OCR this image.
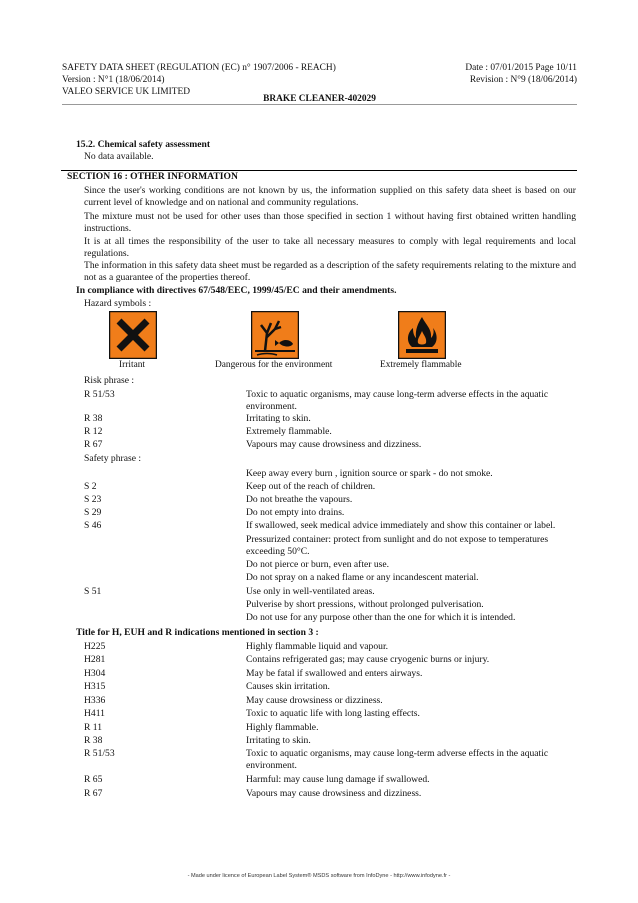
SAFETY DATA SHEET (REGULATION (EC) n° 1907/2006 - REACH)
Version : N°1 (18/06/2014)
VALEO SERVICE UK LIMITED
Date : 07/01/2015 Page 10/11
Revision : N°9 (18/06/2014)
BRAKE CLEANER-402029
15.2. Chemical safety assessment
No data available.
SECTION 16 : OTHER INFORMATION
Since the user's working conditions are not known by us, the information supplied on this safety data sheet is based on our current level of knowledge and on national and community regulations.
The mixture must not be used for other uses than those specified in section 1 without having first obtained written handling instructions.
It is at all times the responsibility of the user to take all necessary measures to comply with legal requirements and local regulations.
The information in this safety data sheet must be regarded as a description of the safety requirements relating to the mixture and not as a guarantee of the properties thereof.
In compliance with directives 67/548/EEC, 1999/45/EC and their amendments.
Hazard symbols :
Irritant	Dangerous for the environment	Extremely flammable
Risk phrase :
R 51/53	Toxic to aquatic organisms, may cause long-term adverse effects in the aquatic environment.
R 38	Irritating to skin.
R 12	Extremely flammable.
R 67	Vapours may cause drowsiness and dizziness.
Safety phrase :
Keep away every burn , ignition source or spark - do not smoke.
S 2	Keep out of the reach of children.
S 23	Do not breathe the vapours.
S 29	Do not empty into drains.
S 46	If swallowed, seek medical advice immediately and show this container or label.
Pressurized container: protect from sunlight and do not expose to temperatures exceeding 50°C.
Do not pierce or burn, even after use.
Do not spray on a naked flame or any incandescent material.
S 51	Use only in well-ventilated areas.
Pulverise by short pressions, without prolonged pulverisation.
Do not use for any purpose other than the one for which it is intended.
Title for H, EUH and R indications mentioned in section 3 :
H225	Highly flammable liquid and vapour.
H281	Contains refrigerated gas; may cause cryogenic burns or injury.
H304	May be fatal if swallowed and enters airways.
H315	Causes skin irritation.
H336	May cause drowsiness or dizziness.
H411	Toxic to aquatic life with long lasting effects.
R 11	Highly flammable.
R 38	Irritating to skin.
R 51/53	Toxic to aquatic organisms, may cause long-term adverse effects in the aquatic environment.
R 65	Harmful: may cause lung damage if swallowed.
R 67	Vapours may cause drowsiness and dizziness.
- Made under licence of European Label System® MSDS software from InfoDyne - http://www.infodyne.fr -
